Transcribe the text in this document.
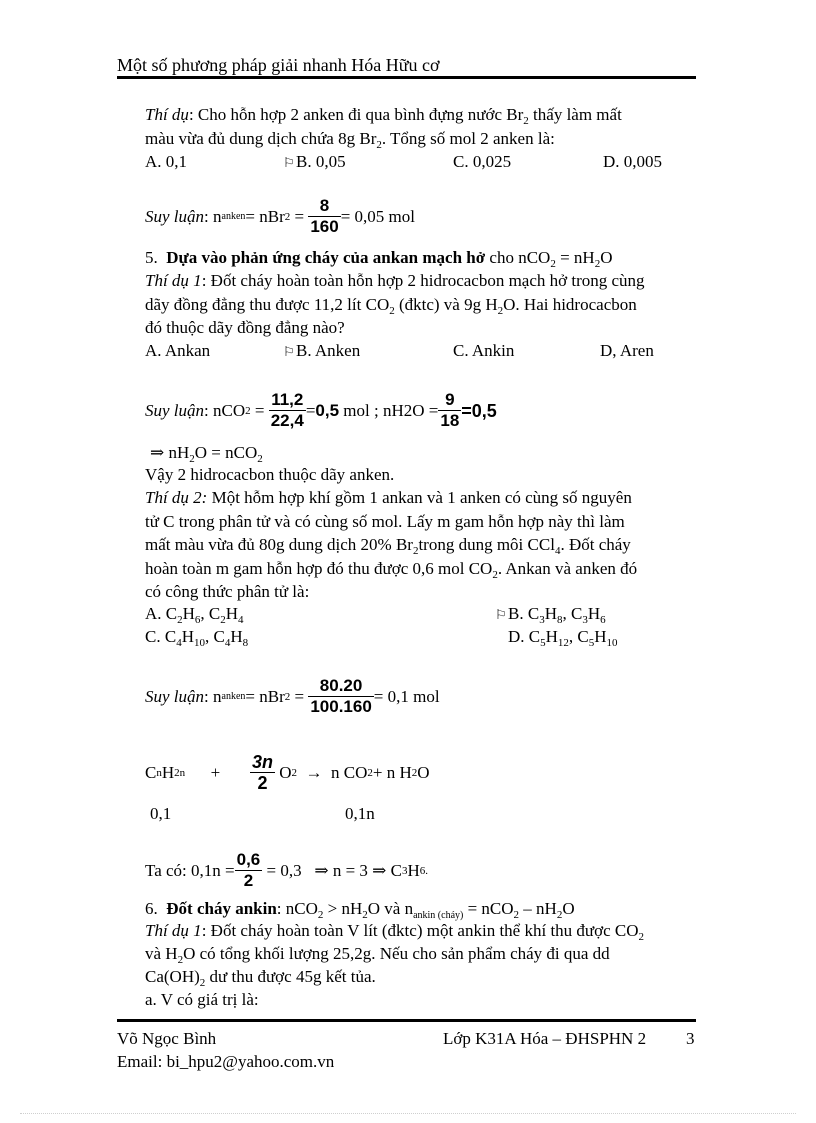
Một số phương pháp giải nhanh Hóa Hữu cơ
Thí dụ: Cho hỗn hợp 2 anken đi qua bình đựng nước $Br_2$ thấy làm mất
màu vừa đủ dung dịch chứa 8g $Br_2$. Tổng số mol 2 anken là:
A. 0,1	⚐B. 0,05	C. 0,025	D. 0,005
Suy luận : n anken = nBr $2 = \frac{8}{160} = 0,05$ mol
5. Dựa vào phản ứng cháy của ankan mạch hở cho $nCO_2 = nH_2O$
Thí dụ 1: Đốt cháy hoàn toàn hỗn hợp 2 hidrocacbon mạch hở trong cùng
dãy đồng đẳng thu được 11,2 lít $CO_2$ (đktc) và 9g $H_2O$. Hai hidrocacbon
đó thuộc dãy đồng đẳng nào?
A. Ankan	⚐B. Anken	C. Ankin	D, Aren
Suy luận : nCO $2 = \frac{11,2}{22,4} = 0,5$
mol ; $nH2O = \frac{9}{18} = 0,5$
⇒ $nH_2O = nCO_2$
Vậy 2 hidrocacbon thuộc dãy anken.
Thí dụ 2: Một hỗm hợp khí gồm 1 ankan và 1 anken có cùng số nguyên
tử C trong phân tử và có cùng số mol. Lấy m gam hỗn hợp này thì làm
mất màu vừa đủ 80g dung dịch 20% $Br_2trong$ dung môi CCl$_4$. Đốt cháy
hoàn toàn m gam hỗn hợp đó thu được 0,6 mol $CO_2$. Ankan và anken đó
có công thức phân tử là:
A. $C_2H_6$, $C_2H_4$	⚐B. $C_3H_8$, $C_3H_6$
C. $C_4H_{10}$, $C_4H_8$	D. $C_5H_{12}$, $C_5H_{10}$
Suy luận : n anken = nBr $2 = \frac{80.20}{100.160} = 0,1$ mol
C n H $2n + \frac{3n}{2}$ O 2
→
n CO 2 + n H 2 O
0,1	0,1n
Ta có: $0,1n = \frac{0,6}{2}$
= 0,3
⇒ n = 3 ⇒ C 3 H 6.
6. Đốt cháy ankin: $nCO_2 > nH_2O$ và $n_{ankin (cháy)} = nCO_2 - nH_2O$
Thí dụ 1: Đốt cháy hoàn toàn V lít (đktc) một ankin thể khí thu được $CO_2$
và $H_2O$ có tổng khối lượng 25,2g. Nếu cho sản phẩm cháy đi qua dd
$Ca(OH)_2$ dư thu được 45g kết tủa.
a. V có giá trị là:
Võ Ngọc Bình	Lớp K31A Hóa – ĐHSPHN 2 3
Email: bi_hpu2@yahoo.com.vn
